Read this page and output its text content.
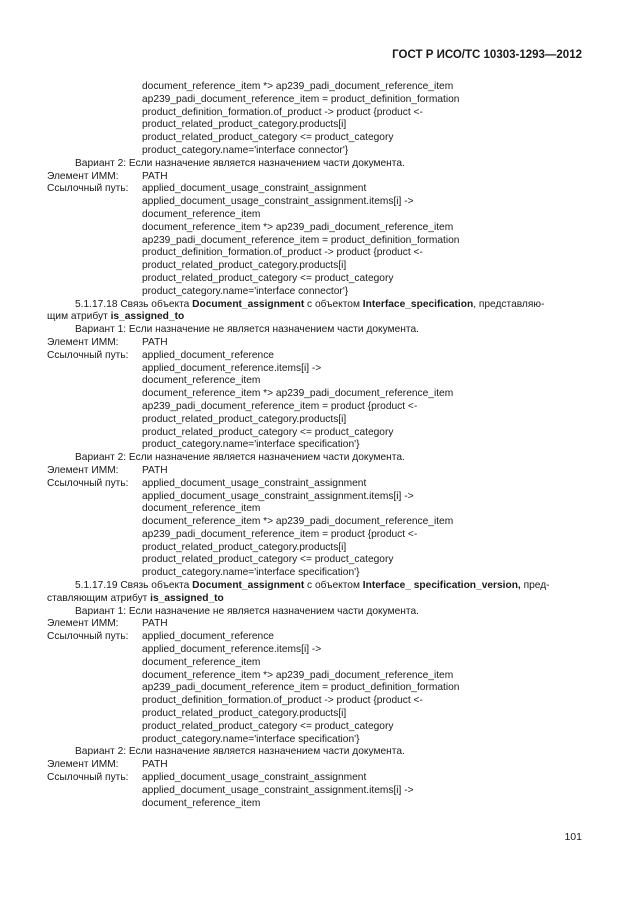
ГОСТ Р ИСО/ТС 10303-1293—2012
document_reference_item *> ap239_padi_document_reference_item
ap239_padi_document_reference_item = product_definition_formation
product_definition_formation.of_product -> product {product <-
product_related_product_category.products[i]
product_related_product_category <= product_category
product_category.name='interface connector'}
Вариант 2: Если назначение является назначением части документа.
Элемент ИММ: PATH
Ссылочный путь: applied_document_usage_constraint_assignment
applied_document_usage_constraint_assignment.items[i] ->
document_reference_item
document_reference_item *> ap239_padi_document_reference_item
ap239_padi_document_reference_item = product_definition_formation
product_definition_formation.of_product -> product {product <-
product_related_product_category.products[i]
product_related_product_category <= product_category
product_category.name='interface connector'}
5.1.17.18 Связь объекта Document_assignment с объектом Interface_specification, представляю-
щим атрибут is_assigned_to
Вариант 1: Если назначение не является назначением части документа.
Элемент ИММ: PATH
Ссылочный путь: applied_document_reference
applied_document_reference.items[i] ->
document_reference_item
document_reference_item *> ap239_padi_document_reference_item
ap239_padi_document_reference_item = product {product <-
product_related_product_category.products[i]
product_related_product_category <= product_category
product_category.name='interface specification'}
Вариант 2: Если назначение является назначением части документа.
Элемент ИММ: PATH
Ссылочный путь: applied_document_usage_constraint_assignment
applied_document_usage_constraint_assignment.items[i] ->
document_reference_item
document_reference_item *> ap239_padi_document_reference_item
ap239_padi_document_reference_item = product {product <-
product_related_product_category.products[i]
product_related_product_category <= product_category
product_category.name='interface specification'}
5.1.17.19 Связь объекта Document_assignment с объектом Interface_ specification_version, пред-
ставляющим атрибут is_assigned_to
Вариант 1: Если назначение не является назначением части документа.
Элемент ИММ: PATH
Ссылочный путь: applied_document_reference
applied_document_reference.items[i] ->
document_reference_item
document_reference_item *> ap239_padi_document_reference_item
ap239_padi_document_reference_item = product_definition_formation
product_definition_formation.of_product -> product {product <-
product_related_product_category.products[i]
product_related_product_category <= product_category
product_category.name='interface specification'}
Вариант 2: Если назначение является назначением части документа.
Элемент ИММ: PATH
Ссылочный путь: applied_document_usage_constraint_assignment
applied_document_usage_constraint_assignment.items[i] ->
document_reference_item
101
